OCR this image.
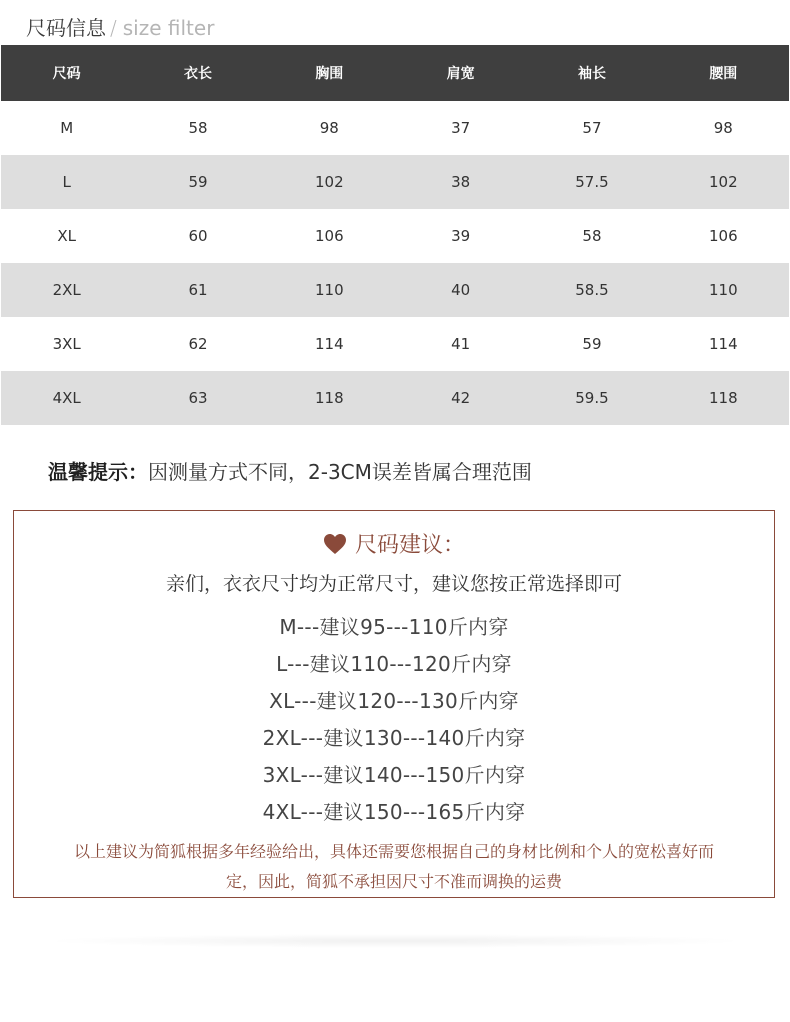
尺码信息 / size filter
尺码	衣长	胸围	肩宽	袖长	腰围
M	58	98	37	57	98
L	59	102	38	57.5	102
XL	60	106	39	58	106
2XL	61	110	40	58.5	110
3XL	62	114	41	59	114
4XL	63	118	42	59.5	118
温馨提示：因测量方式不同，2-3CM误差皆属合理范围
尺码建议：
亲们，衣衣尺寸均为正常尺寸，建议您按正常选择即可
M---建议95---110斤内穿
L---建议110---120斤内穿
XL---建议120---130斤内穿
2XL---建议130---140斤内穿
3XL---建议140---150斤内穿
4XL---建议150---165斤内穿
以上建议为简狐根据多年经验给出，具体还需要您根据自己的身材比例和个人的宽松喜好而定，因此，简狐不承担因尺寸不准而调换的运费
